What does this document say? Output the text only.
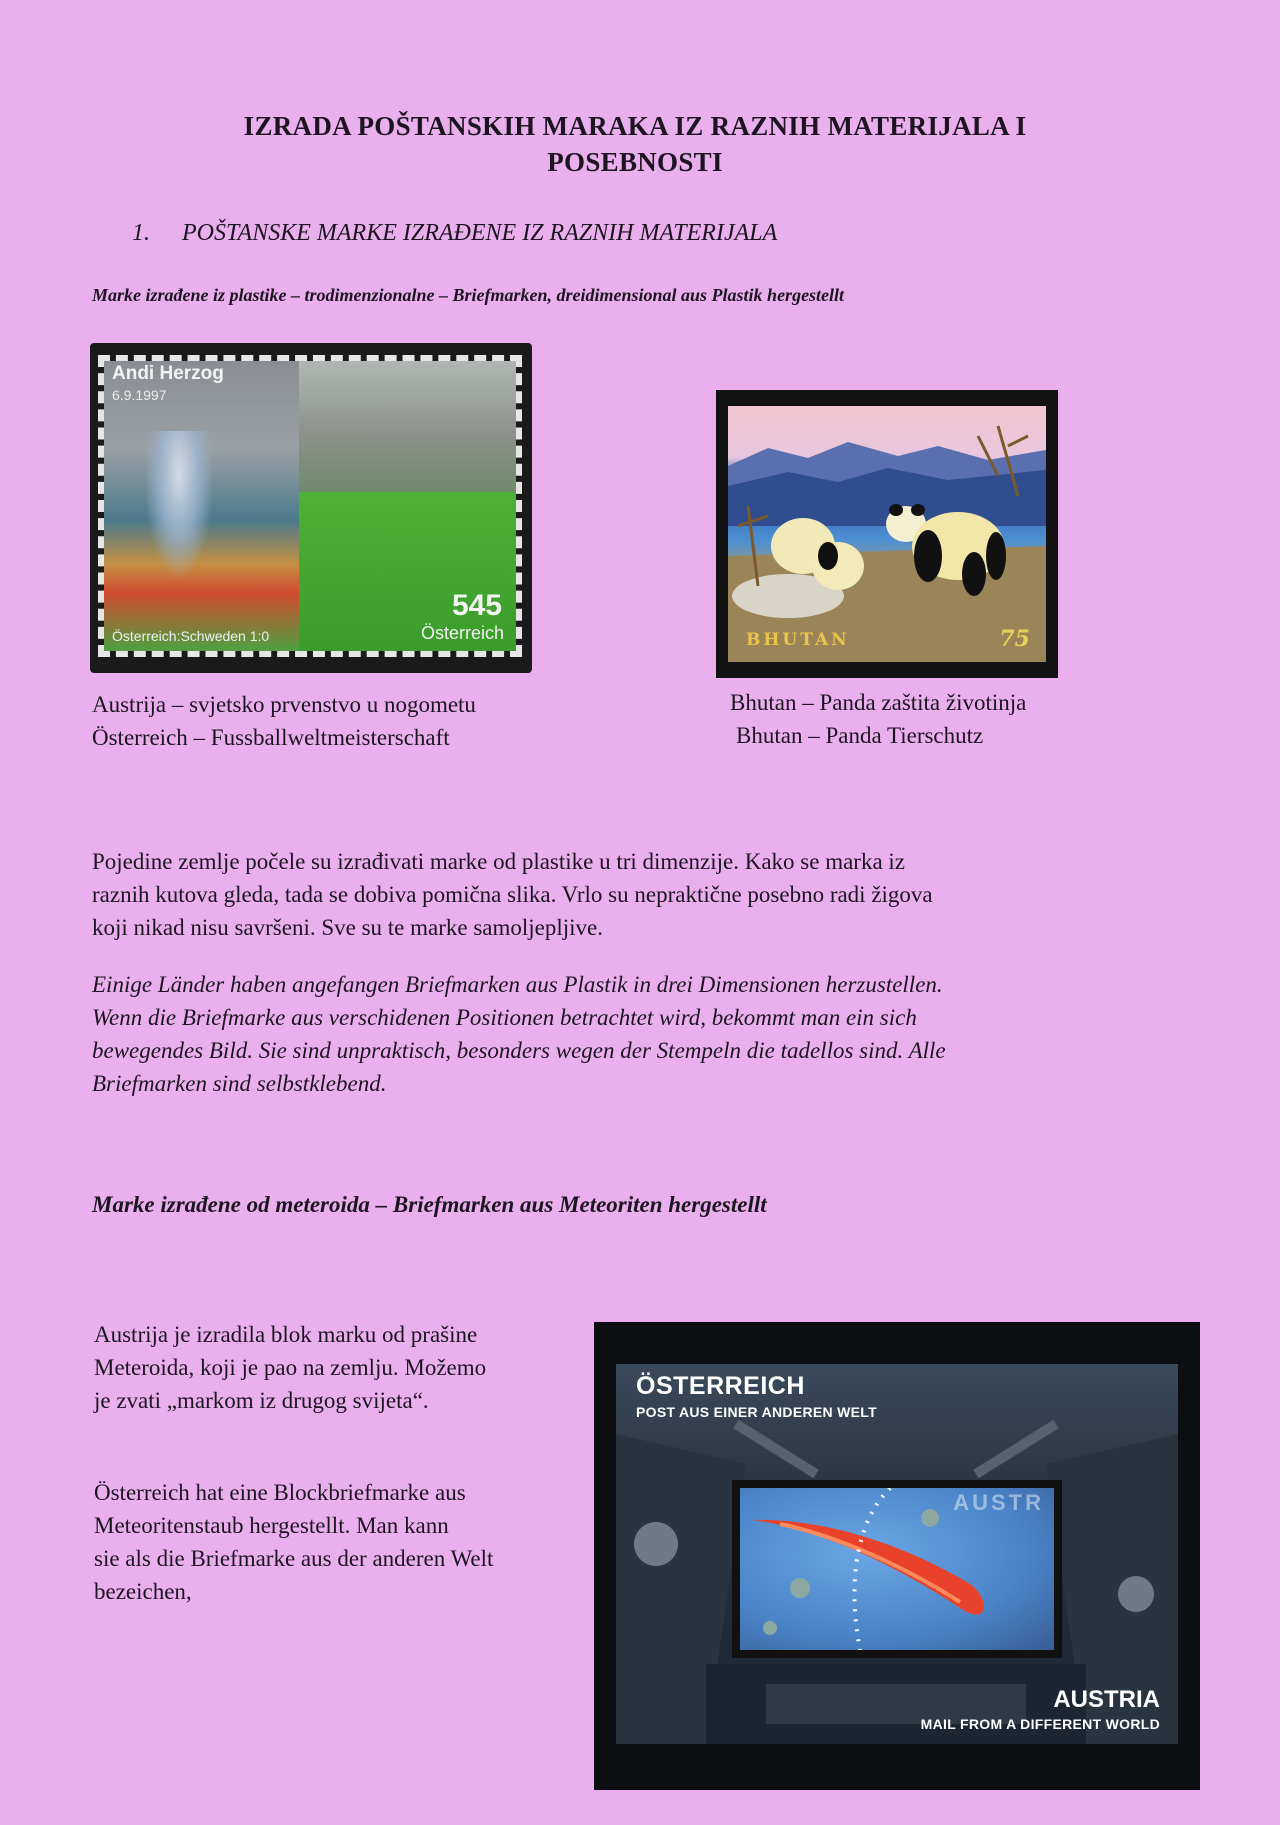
IZRADA POŠTANSKIH MARAKA IZ RAZNIH MATERIJALA I
POSEBNOSTI
1. POŠTANSKE MARKE IZRAĐENE IZ RAZNIH MATERIJALA
Marke izrađene iz plastike – trodimenzionalne – Briefmarken, dreidimensional aus Plastik hergestellt
Andi Herzog
6.9.1997
545
Österreich
Österreich:Schweden 1:0	BHUTAN	75
Austrija – svjetsko prvenstvo u nogometu
Österreich – Fussballweltmeisterschaft
Bhutan – Panda zaštita životinja
Bhutan – Panda Tierschutz
Pojedine zemlje počele su izrađivati marke od plastike u tri dimenzije. Kako se marka iz
raznih kutova gleda, tada se dobiva pomična slika. Vrlo su nepraktične posebno radi žigova
koji nikad nisu savršeni. Sve su te marke samoljepljive.
Einige Länder haben angefangen Briefmarken aus Plastik in drei Dimensionen herzustellen.
Wenn die Briefmarke aus verschidenen Positionen betrachtet wird, bekommt man ein sich
bewegendes Bild. Sie sind unpraktisch, besonders wegen der Stempeln die tadellos sind. Alle
Briefmarken sind selbstklebend.
Marke izrađene od meteroida – Briefmarken aus Meteoriten hergestellt
Austrija je izradila blok marku od prašine
Meteroida, koji je pao na zemlju. Možemo
je zvati „markom iz drugog svijeta“.
Österreich hat eine Blockbriefmarke aus
Meteoritenstaub hergestellt. Man kann
sie als die Briefmarke aus der anderen Welt
bezeichen,
ÖSTERREICH
POST AUS EINER ANDEREN WELT
AUSTR
AUSTRIA
MAIL FROM A DIFFERENT WORLD
